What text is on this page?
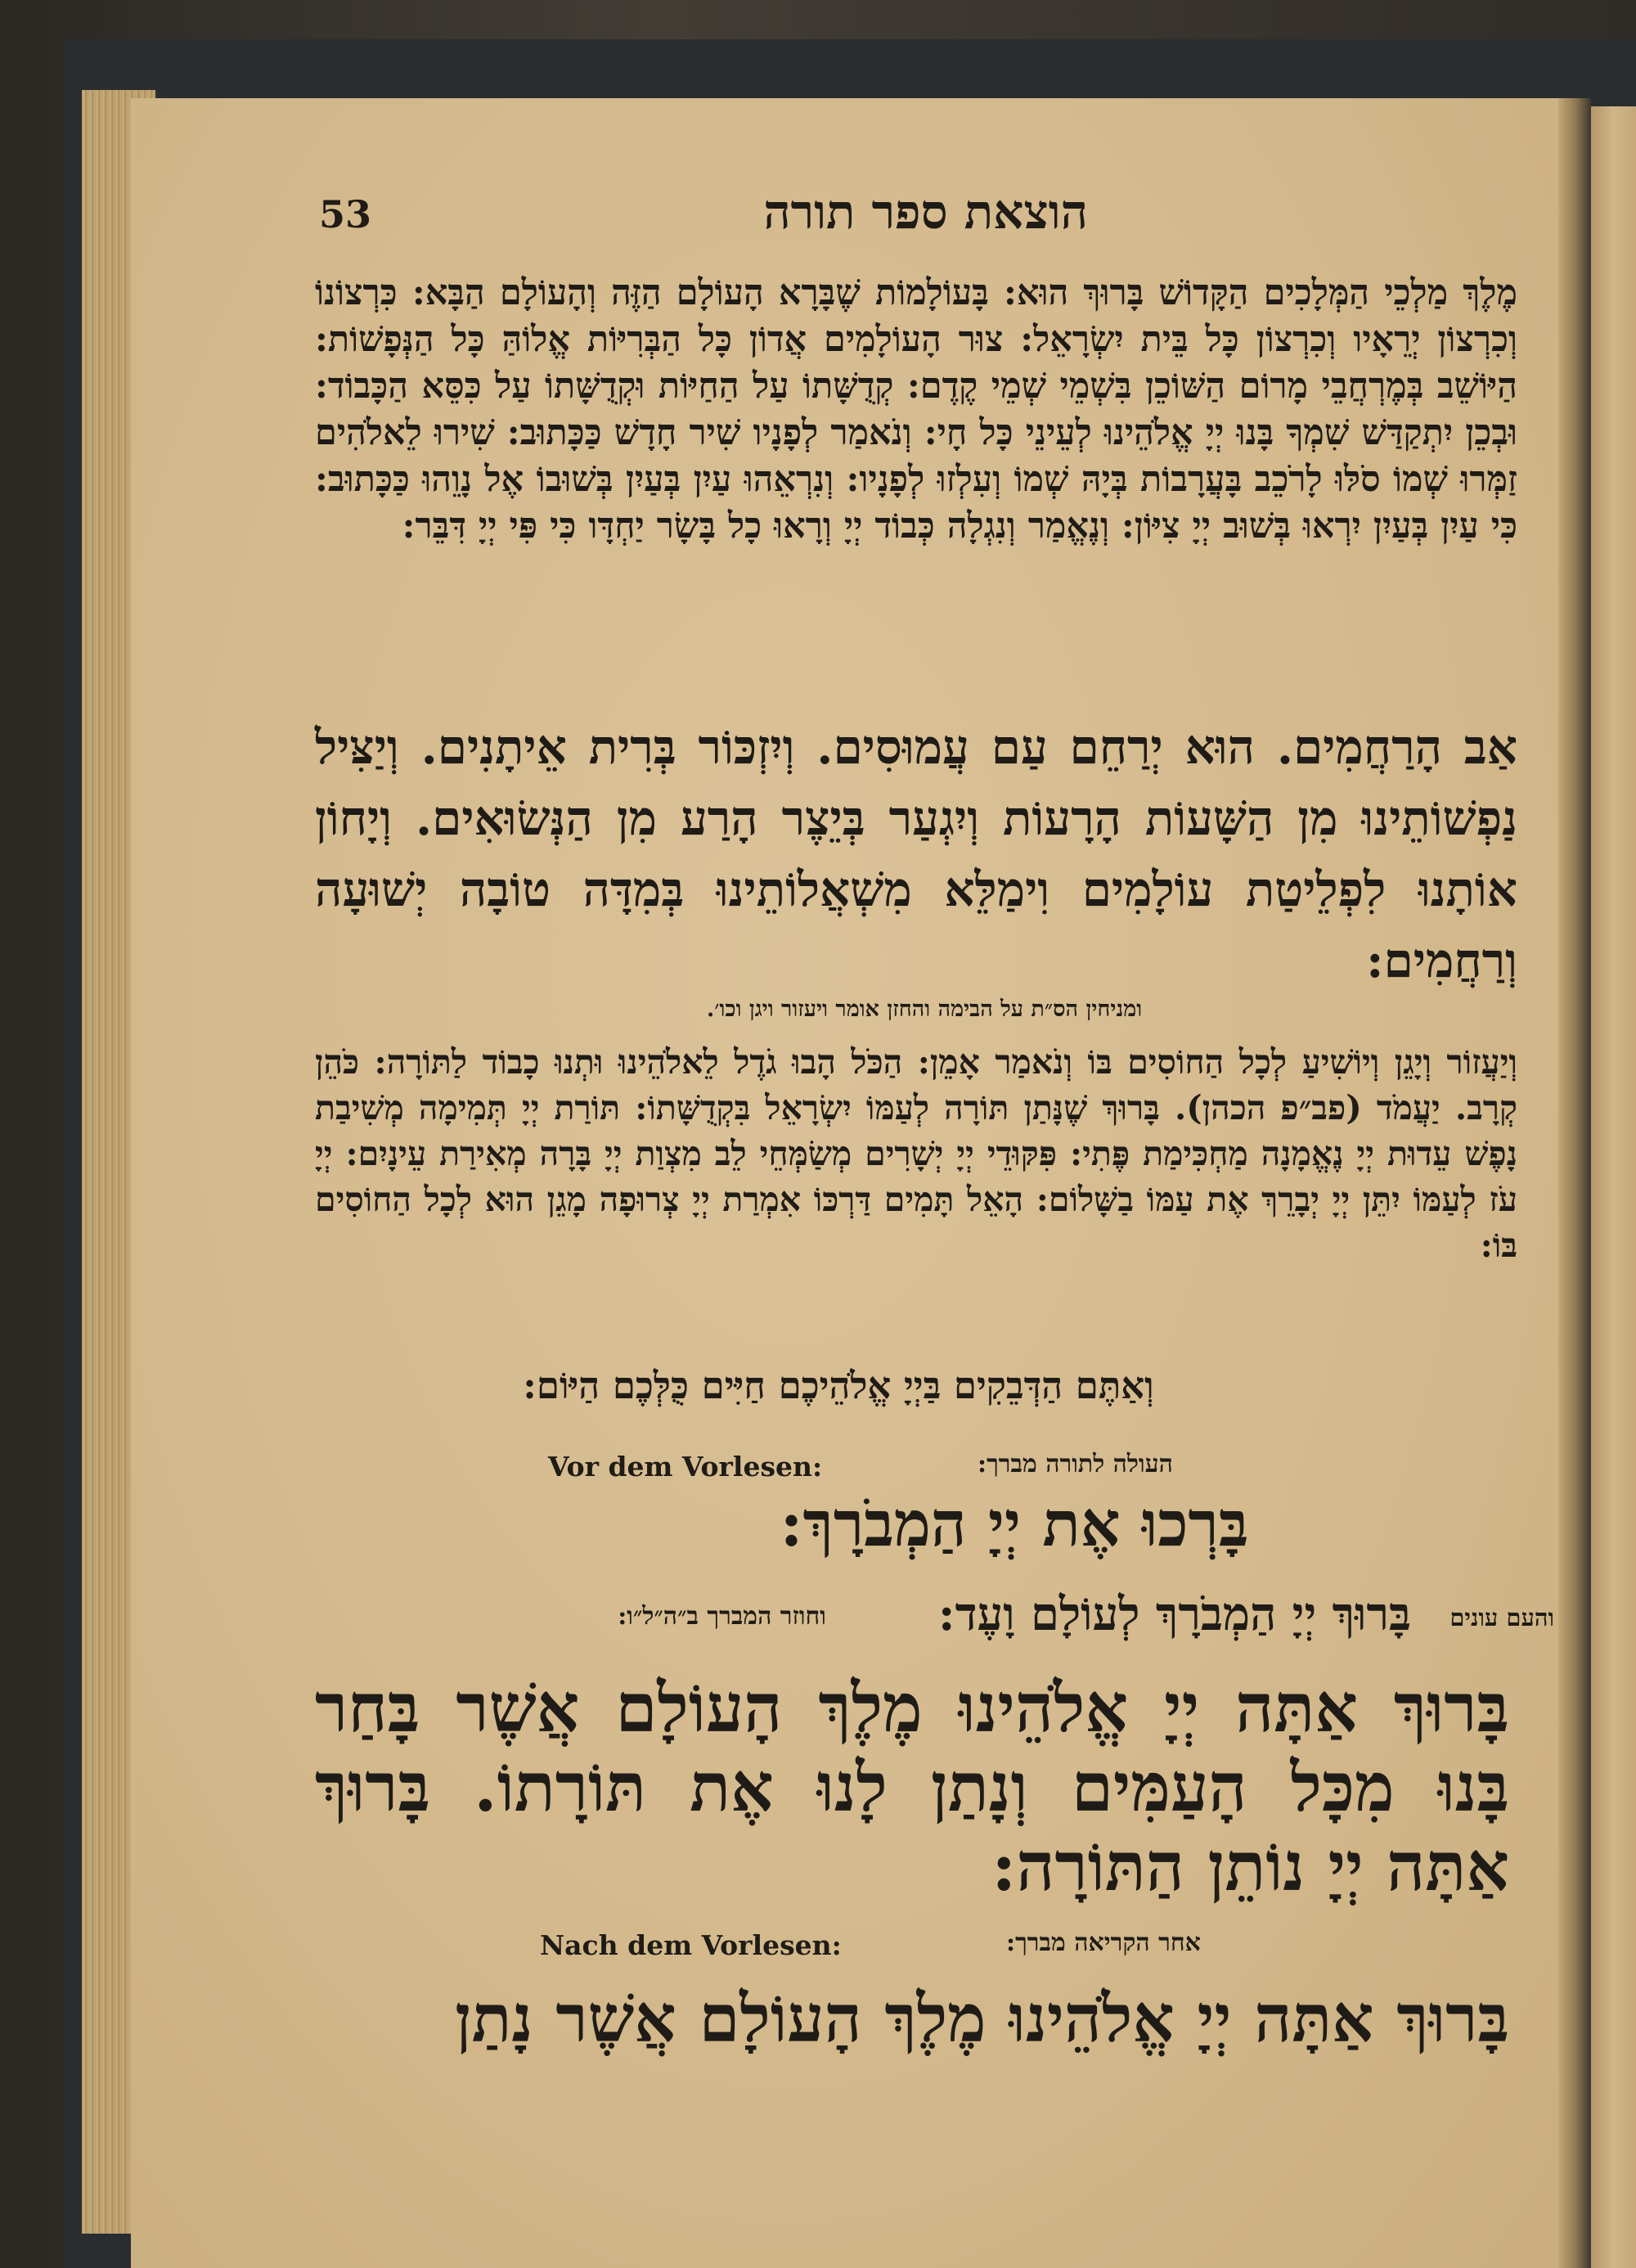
53	הוצאת ספר תורה
מֶלֶךְ מַלְכֵי הַמְּלָכִים הַקָּדוֹשׁ בָּרוּךְ הוּא: בָּעוֹלָמוֹת שֶׁבָּרָא הָעוֹלָם הַזֶּה וְהָעוֹלָם הַבָּא: כִּרְצוֹנוֹ וְכִרְצוֹן יְרֵאָיו וְכִרְצוֹן כָּל בֵּית יִשְׂרָאֵל: צוּר הָעוֹלָמִים אֲדוֹן כָּל הַבְּרִיּוֹת אֱלוֹהַּ כָּל הַנְּפָשׁוֹת: הַיּוֹשֵׁב בְּמֶרְחֲבֵי מָרוֹם הַשּׁוֹכֵן בִּשְׁמֵי שְׁמֵי קֶדֶם: קְדֻשָּׁתוֹ עַל הַחַיּוֹת וּקְדֻשָּׁתוֹ עַל כִּסֵּא הַכָּבוֹד: וּבְכֵן יִתְקַדַּשׁ שִׁמְךָ בָּנוּ יְיָ אֱלֹהֵינוּ לְעֵינֵי כָּל חָי: וְנֹאמַר לְפָנָיו שִׁיר חָדָשׁ כַּכָּתוּב: שִׁירוּ לֵאלֹהִים זַמְּרוּ שְׁמוֹ סֹלּוּ לָרֹכֵב בָּעֲרָבוֹת בְּיָהּ שְׁמוֹ וְעִלְזוּ לְפָנָיו: וְנִרְאֵהוּ עַיִן בְּעַיִן בְּשׁוּבוֹ אֶל נָוֵהוּ כַּכָּתוּב: כִּי עַיִן בְּעַיִן יִרְאוּ בְּשׁוּב יְיָ צִיּוֹן: וְנֶאֱמַר וְנִגְלָה כְּבוֹד יְיָ וְרָאוּ כָל בָּשָׂר יַחְדָּו כִּי פִּי יְיָ דִּבֵּר:
אַב הָרַחֲמִים. הוּא יְרַחֵם עַם עֲמוּסִים. וְיִזְכּוֹר בְּרִית אֵיתָנִים. וְיַצִּיל נַפְשׁוֹתֵינוּ מִן הַשָּׁעוֹת הָרָעוֹת וְיִגְעַר בְּיֵצֶר הָרַע מִן הַנְּשׂוּאִים. וְיָחוֹן אוֹתָנוּ לִפְלֵיטַת עוֹלָמִים וִימַלֵּא מִשְׁאֲלוֹתֵינוּ בְּמִדָּה טוֹבָה יְשׁוּעָה וְרַחֲמִים:
ומניחין הס״ת על הבימה והחזן אומר ויעזור ויגן וכו׳.
וְיַעֲזוֹר וְיָגֵן וְיוֹשִׁיעַ לְכָל הַחוֹסִים בּוֹ וְנֹאמַר אָמֵן: הַכֹּל הָבוּ גֹדֶל לֵאלֹהֵינוּ וּתְנוּ כָבוֹד לַתּוֹרָה: כֹּהֵן קְרָב. יַעֲמֹד (פב״פ הכהן). בָּרוּךְ שֶׁנָּתַן תּוֹרָה לְעַמּוֹ יִשְׂרָאֵל בִּקְדֻשָּׁתוֹ: תּוֹרַת יְיָ תְּמִימָה מְשִׁיבַת נָפֶשׁ עֵדוּת יְיָ נֶאֱמָנָה מַחְכִּימַת פֶּתִי: פִּקּוּדֵי יְיָ יְשָׁרִים מְשַׂמְּחֵי לֵב מִצְוַת יְיָ בָּרָה מְאִירַת עֵינָיִם: יְיָ עֹז לְעַמּוֹ יִתֵּן יְיָ יְבָרֵךְ אֶת עַמּוֹ בַשָּׁלוֹם: הָאֵל תָּמִים דַּרְכּוֹ אִמְרַת יְיָ צְרוּפָה מָגֵן הוּא לְכָל הַחוֹסִים בּוֹ:
וְאַתֶּם הַדְּבֵקִים בַּיְיָ אֱלֹהֵיכֶם חַיִּים כֻּלְּכֶם הַיּוֹם:
Vor dem Vorlesen:	העולה לתורה מברך:
בָּרְכוּ אֶת יְיָ הַמְבֹרָךְ:
והעם עונים
בָּרוּךְ יְיָ הַמְבֹרָךְ לְעוֹלָם וָעֶד:
וחוזר המברך ב״ה״ל״ו:
בָּרוּךְ אַתָּה יְיָ אֱלֹהֵינוּ מֶלֶךְ הָעוֹלָם אֲשֶׁר בָּחַר בָּנוּ מִכָּל הָעַמִּים וְנָתַן לָנוּ אֶת תּוֹרָתוֹ. בָּרוּךְ אַתָּה יְיָ נוֹתֵן הַתּוֹרָה:
Nach dem Vorlesen:	אחר הקריאה מברך:
בָּרוּךְ אַתָּה יְיָ אֱלֹהֵינוּ מֶלֶךְ הָעוֹלָם אֲשֶׁר נָתַן
